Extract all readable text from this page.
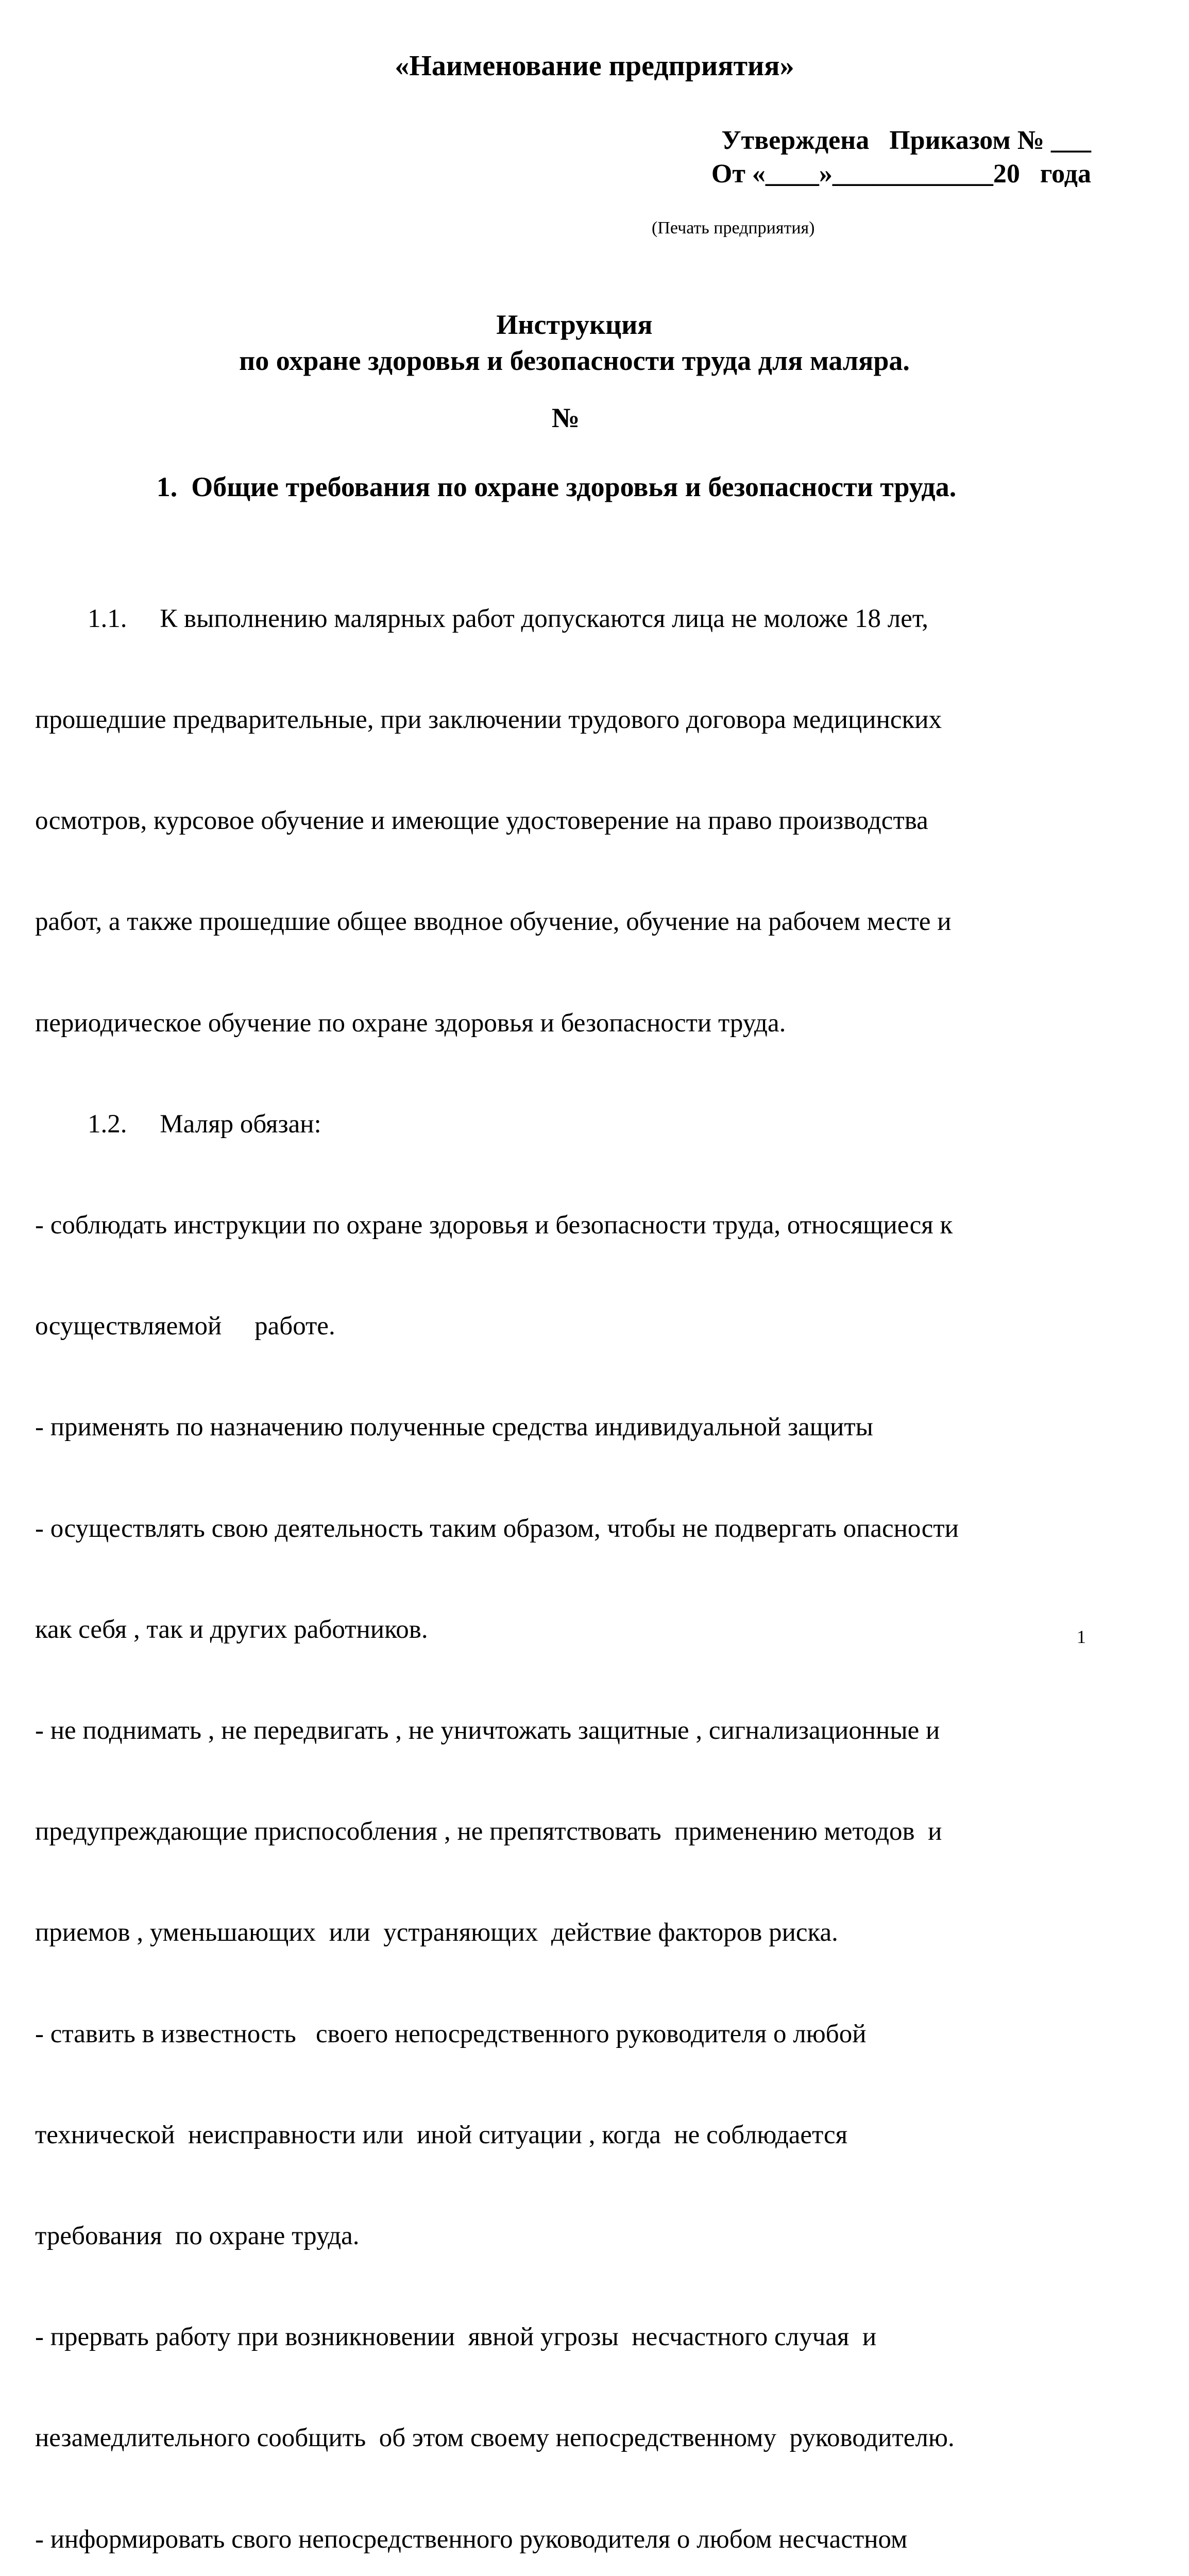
«Наименование предприятия»
Утверждена   Приказом № ___
От «____»____________20   года
(Печать предприятия)
Инструкция
по охране здоровья и безопасности труда для маляра.
№
1.  Общие требования по охране здоровья и безопасности труда.

1.1.     К выполнению малярных работ допускаются лица не моложе 18 лет,

прошедшие предварительные, при заключении трудового договора медицинских

осмотров, курсовое обучение и имеющие удостоверение на право производства

работ, а также прошедшие общее вводное обучение, обучение на рабочем месте и

периодическое обучение по охране здоровья и безопасности труда.

1.2.     Маляр обязан:

- соблюдать инструкции по охране здоровья и безопасности труда, относящиеся к

осуществляемой     работе.

- применять по назначению полученные средства индивидуальной защиты

- осуществлять свою деятельность таким образом, чтобы не подвергать опасности

как себя , так и других работников.

- не поднимать , не передвигать , не уничтожать защитные , сигнализационные и

предупреждающие приспособления , не препятствовать  применению методов  и

приемов , уменьшающих  или  устраняющих  действие факторов риска.

- ставить в известность   своего непосредственного руководителя о любой

технической  неисправности или  иной ситуации , когда  не соблюдается

требования  по охране труда.

- прервать работу при возникновении  явной угрозы  несчастного случая  и

незамедлительного сообщить  об этом своему непосредственному  руководителю.

- информировать свого непосредственного руководителя о любом несчастном

1
